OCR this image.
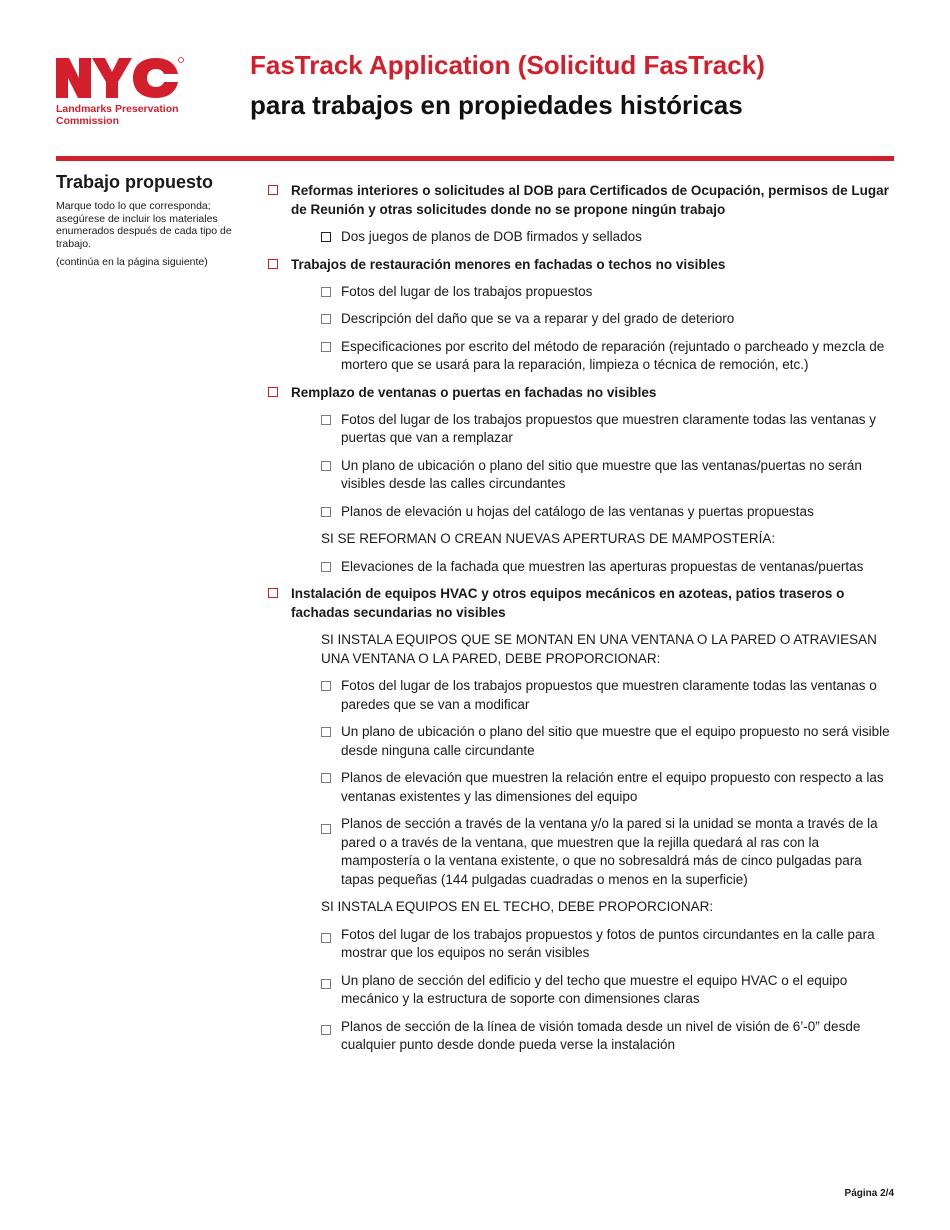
Landmarks Preservation
Commission
FasTrack Application (Solicitud FasTrack)
para trabajos en propiedades históricas
Trabajo propuesto

Marque todo lo que corresponda; asegúrese de incluir los materiales enumerados después de cada tipo de trabajo.

(continúa en la página siguiente)

Reformas interiores o solicitudes al DOB para Certificados de Ocupación, permisos de Lugar de Reunión y otras solicitudes donde no se propone ningún trabajo
Dos juegos de planos de DOB firmados y sellados
Trabajos de restauración menores en fachadas o techos no visibles
Fotos del lugar de los trabajos propuestos
Descripción del daño que se va a reparar y del grado de deterioro
Especificaciones por escrito del método de reparación (rejuntado o parcheado y mezcla de mortero que se usará para la reparación, limpieza o técnica de remoción, etc.)
Remplazo de ventanas o puertas en fachadas no visibles
Fotos del lugar de los trabajos propuestos que muestren claramente todas las ventanas y puertas que van a remplazar
Un plano de ubicación o plano del sitio que muestre que las ventanas/puertas no serán visibles desde las calles circundantes
Planos de elevación u hojas del catálogo de las ventanas y puertas propuestas
SI SE REFORMAN O CREAN NUEVAS APERTURAS DE MAMPOSTERÍA:
Elevaciones de la fachada que muestren las aperturas propuestas de ventanas/puertas
Instalación de equipos HVAC y otros equipos mecánicos en azoteas, patios traseros o fachadas secundarias no visibles
SI INSTALA EQUIPOS QUE SE MONTAN EN UNA VENTANA O LA PARED O ATRAVIESAN UNA VENTANA O LA PARED, DEBE PROPORCIONAR:
Fotos del lugar de los trabajos propuestos que muestren claramente todas las ventanas o paredes que se van a modificar
Un plano de ubicación o plano del sitio que muestre que el equipo propuesto no será visible desde ninguna calle circundante
Planos de elevación que muestren la relación entre el equipo propuesto con respecto a las ventanas existentes y las dimensiones del equipo
Planos de sección a través de la ventana y/o la pared si la unidad se monta a través de la pared o a través de la ventana, que muestren que la rejilla quedará al ras con la mampostería o la ventana existente, o que no sobresaldrá más de cinco pulgadas para tapas pequeñas (144 pulgadas cuadradas o menos en la superficie)
SI INSTALA EQUIPOS EN EL TECHO, DEBE PROPORCIONAR:
Fotos del lugar de los trabajos propuestos y fotos de puntos circundantes en la calle para mostrar que los equipos no serán visibles
Un plano de sección del edificio y del techo que muestre el equipo HVAC o el equipo mecánico y la estructura de soporte con dimensiones claras
Planos de sección de la línea de visión tomada desde un nivel de visión de 6’-0” desde cualquier punto desde donde pueda verse la instalación
Página 2/4
